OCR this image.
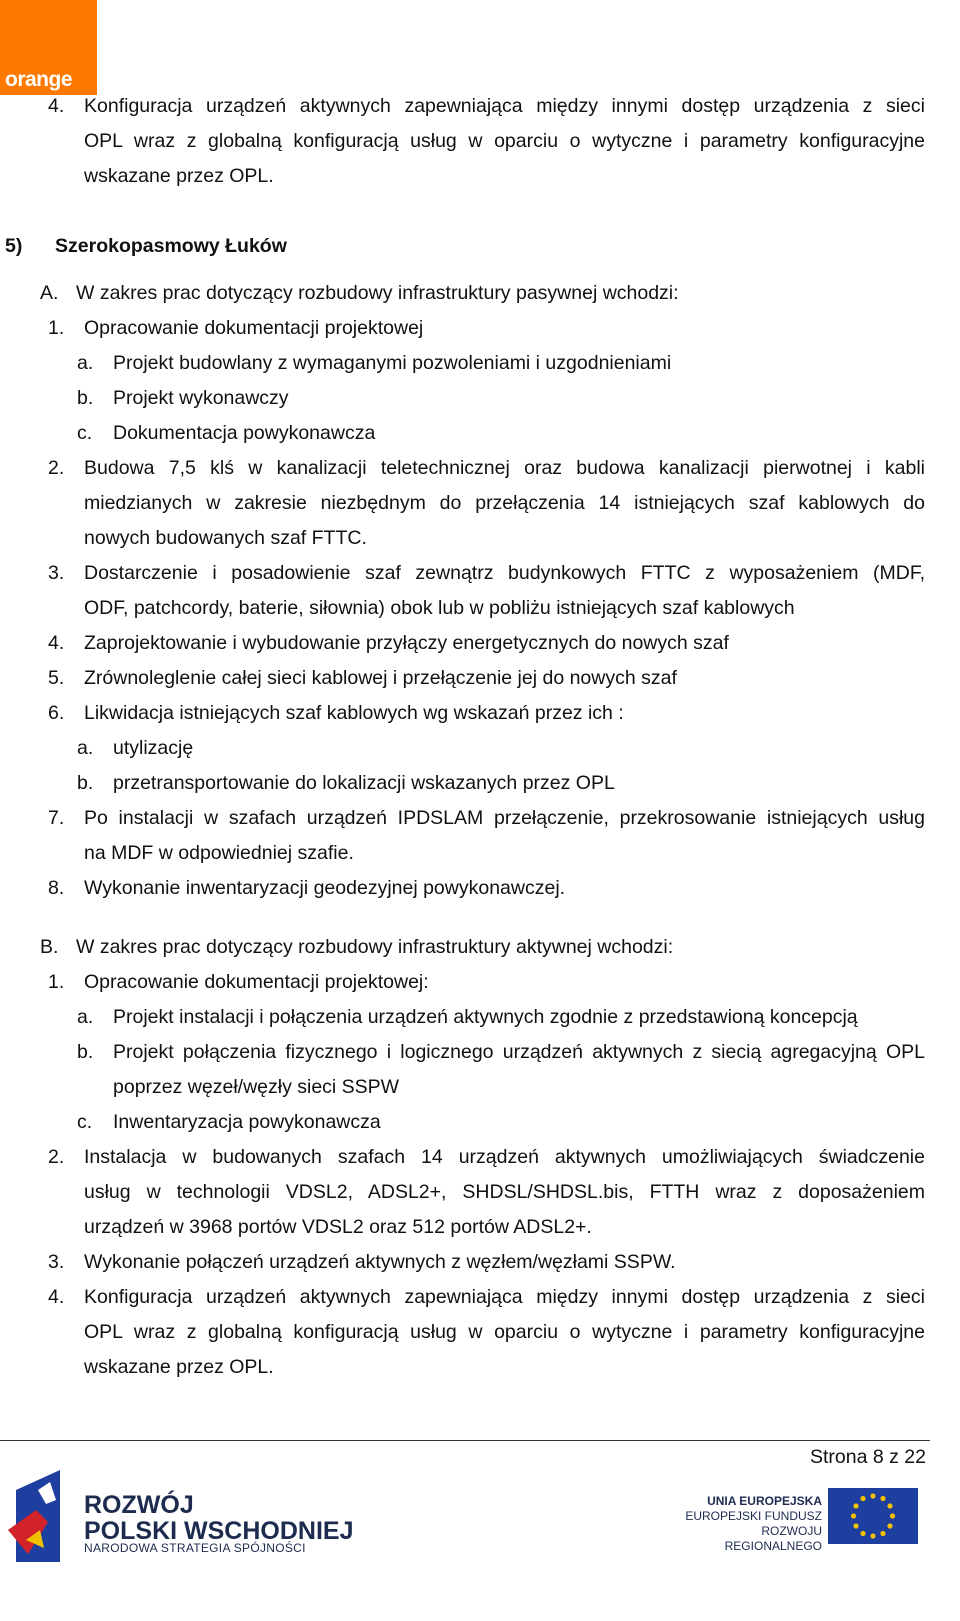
orange
4. Konfiguracja urządzeń aktywnych zapewniająca między innymi dostęp urządzenia z sieci
OPL wraz z globalną konfiguracją usług w oparciu o wytyczne i parametry konfiguracyjne
wskazane przez OPL.
5) Szerokopasmowy Łuków
A. W zakres prac dotyczący rozbudowy infrastruktury pasywnej wchodzi:
1. Opracowanie dokumentacji projektowej
a. Projekt budowlany z wymaganymi pozwoleniami i uzgodnieniami
b. Projekt wykonawczy
c. Dokumentacja powykonawcza
2. Budowa 7,5 klś w kanalizacji teletechnicznej oraz budowa kanalizacji pierwotnej i kabli
miedzianych w zakresie niezbędnym do przełączenia 14 istniejących szaf kablowych do
nowych budowanych szaf FTTC.
3. Dostarczenie i posadowienie szaf zewnątrz budynkowych FTTC z wyposażeniem (MDF,
ODF, patchcordy, baterie, siłownia) obok lub w pobliżu istniejących szaf kablowych
4. Zaprojektowanie i wybudowanie przyłączy energetycznych do nowych szaf
5. Zrównoleglenie całej sieci kablowej i przełączenie jej do nowych szaf
6. Likwidacja istniejących szaf kablowych wg wskazań przez ich :
a. utylizację
b. przetransportowanie do lokalizacji wskazanych przez OPL
7. Po instalacji w szafach urządzeń IPDSLAM przełączenie, przekrosowanie istniejących usług
na MDF w odpowiedniej szafie.
8. Wykonanie inwentaryzacji geodezyjnej powykonawczej.
B. W zakres prac dotyczący rozbudowy infrastruktury aktywnej wchodzi:
1. Opracowanie dokumentacji projektowej:
a. Projekt instalacji i połączenia urządzeń aktywnych zgodnie z przedstawioną koncepcją
b. Projekt połączenia fizycznego i logicznego urządzeń aktywnych z siecią agregacyjną OPL
poprzez węzeł/węzły sieci SSPW
c. Inwentaryzacja powykonawcza
2. Instalacja w budowanych szafach 14 urządzeń aktywnych umożliwiających świadczenie
usług w technologii VDSL2, ADSL2+, SHDSL/SHDSL.bis, FTTH wraz z doposażeniem
urządzeń w 3968 portów VDSL2 oraz 512 portów ADSL2+.
3. Wykonanie połączeń urządzeń aktywnych z węzłem/węzłami SSPW.
4. Konfiguracja urządzeń aktywnych zapewniająca między innymi dostęp urządzenia z sieci
OPL wraz z globalną konfiguracją usług w oparciu o wytyczne i parametry konfiguracyjne
wskazane przez OPL.
Strona 8 z 22
ROZWÓJ
POLSKI WSCHODNIEJ
NARODOWA STRATEGIA SPÓJNOŚCI
UNIA EUROPEJSKA
EUROPEJSKI FUNDUSZ
ROZWOJU REGIONALNEGO
